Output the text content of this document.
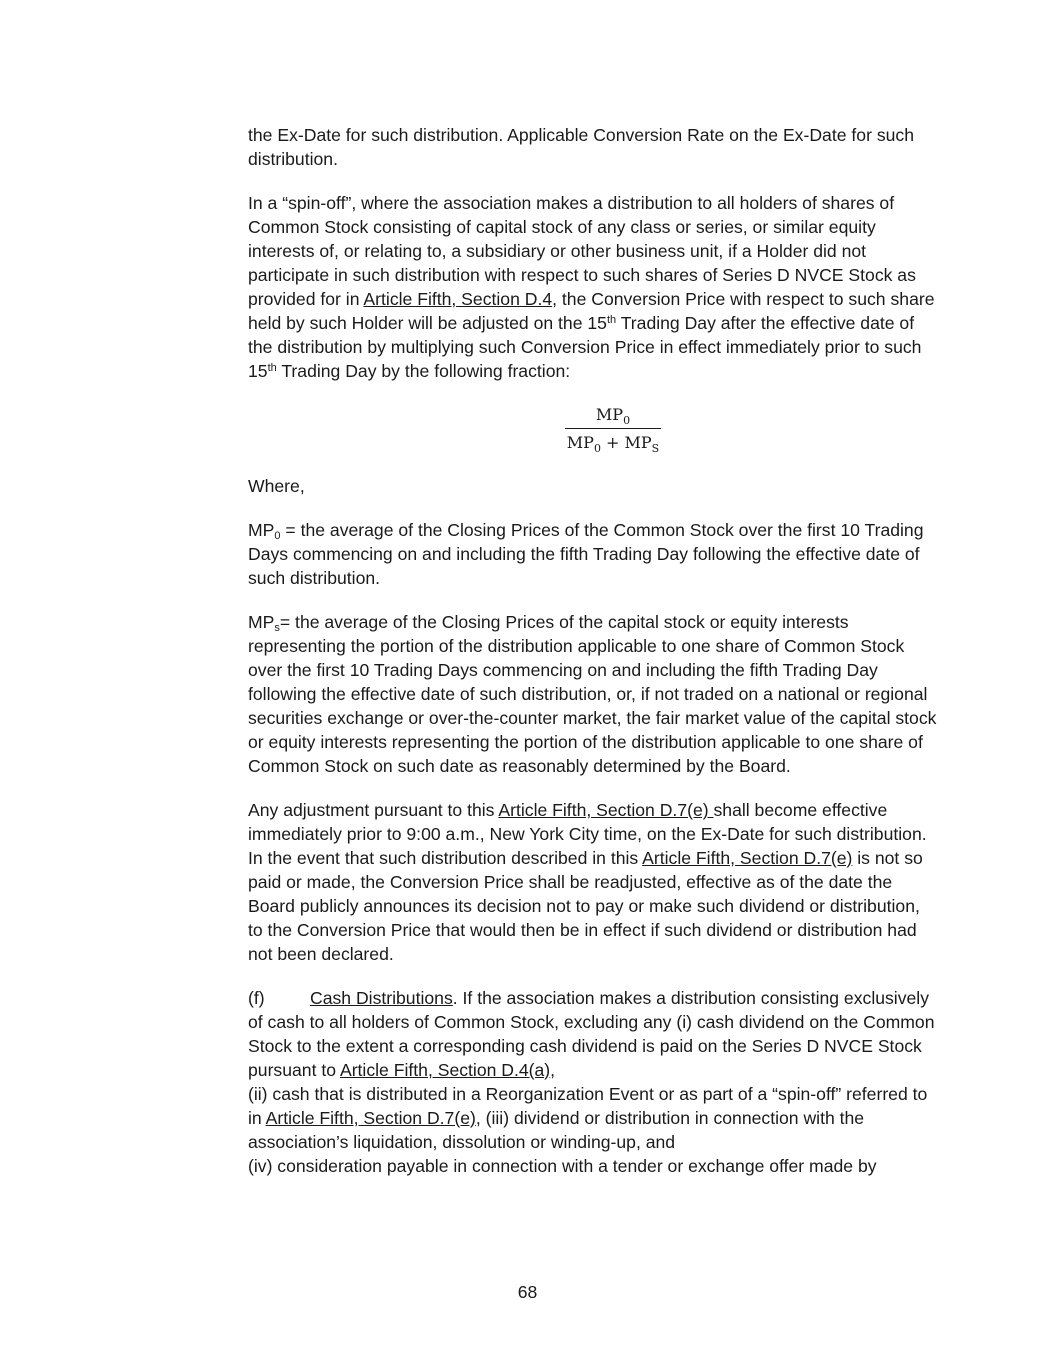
the Ex-Date for such distribution. Applicable Conversion Rate on the Ex-Date for such distribution.

In a “spin-off”, where the association makes a distribution to all holders of shares of Common Stock consisting of capital stock of any class or series, or similar equity interests of, or relating to, a subsidiary or other business unit, if a Holder did not participate in such distribution with respect to such shares of Series D NVCE Stock as provided for in Article Fifth, Section D.4, the Conversion Price with respect to such share held by such Holder will be adjusted on the 15th Trading Day after the effective date of the distribution by multiplying such Conversion Price in effect immediately prior to such 15th Trading Day by the following fraction:

$\frac{MP_0}{MP_0 + MP_S}$

Where,

$MP_0$ = the average of the Closing Prices of the Common Stock over the first 10 Trading Days commencing on and including the fifth Trading Day following the effective date of such distribution.

$MP_s=$ the average of the Closing Prices of the capital stock or equity interests representing the portion of the distribution applicable to one share of Common Stock over the first 10 Trading Days commencing on and including the fifth Trading Day following the effective date of such distribution, or, if not traded on a national or regional securities exchange or over-the-counter market, the fair market value of the capital stock or equity interests representing the portion of the distribution applicable to one share of Common Stock on such date as reasonably determined by the Board.

Any adjustment pursuant to this Article Fifth, Section D.7(e) shall become effective immediately prior to 9:00 a.m., New York City time, on the Ex-Date for such distribution. In the event that such distribution described in this Article Fifth, Section D.7(e) is not so paid or made, the Conversion Price shall be readjusted, effective as of the date the Board publicly announces its decision not to pay or make such dividend or distribution, to the Conversion Price that would then be in effect if such dividend or distribution had not been declared.

(f)	Cash Distributions. If the association makes a distribution consisting exclusively of cash to all holders of Common Stock, excluding any (i) cash dividend on the Common Stock to the extent a corresponding cash dividend is paid on the Series D NVCE Stock pursuant to Article Fifth, Section D.4(a),
(ii) cash that is distributed in a Reorganization Event or as part of a “spin-off” referred to in Article Fifth, Section D.7(e), (iii) dividend or distribution in connection with the association’s liquidation, dissolution or winding-up, and
(iv) consideration payable in connection with a tender or exchange offer made by

68
